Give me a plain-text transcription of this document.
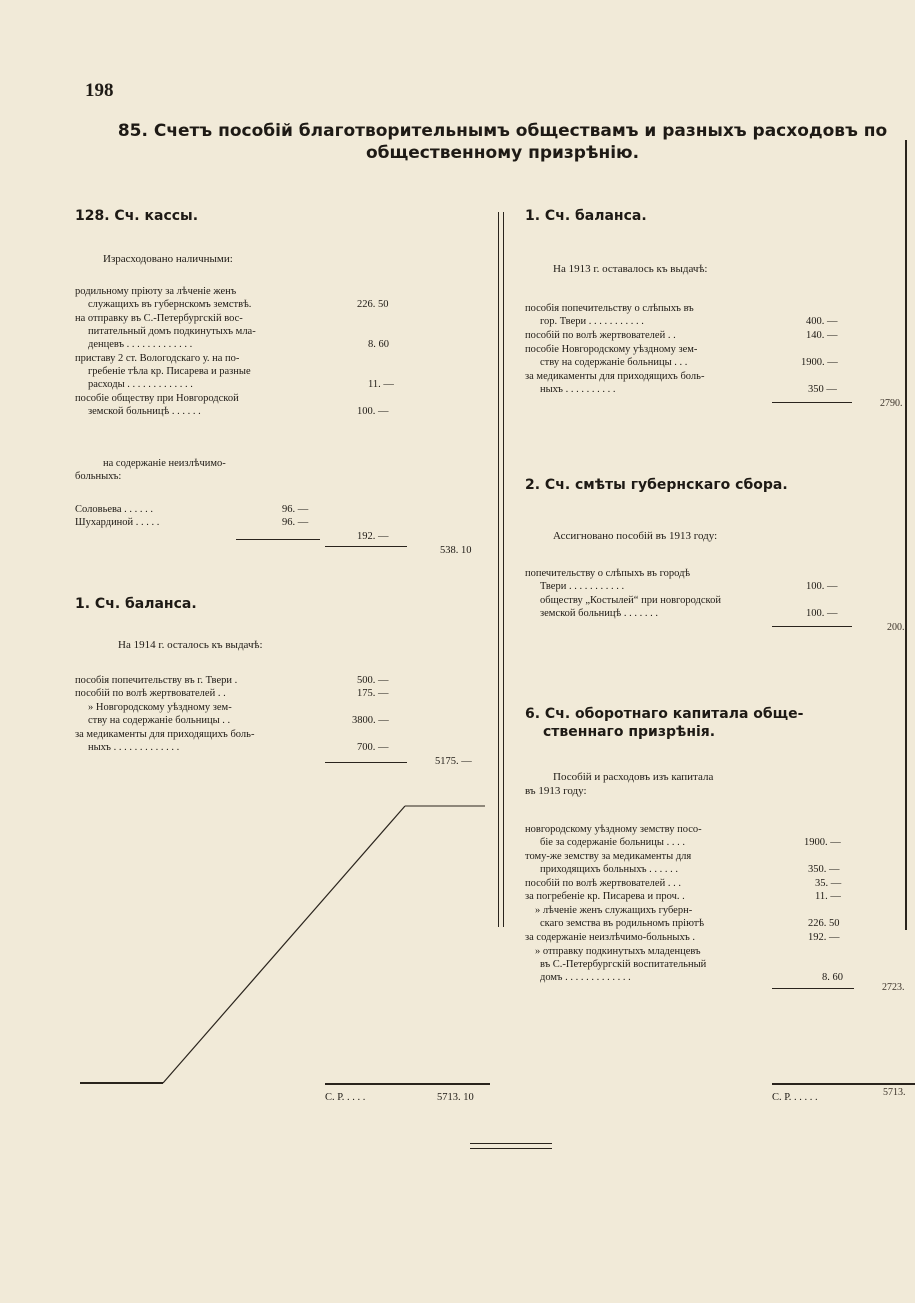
198
85. Счетъ пособій благотворительнымъ обществамъ и разныхъ расходовъ по
общественному призрѣнію.
128. Сч. кассы.
Израсходовано наличными:
родильному пріюту за лѣченіе женъ
служащихъ въ губернскомъ земствѣ.	226. 50
на отправку въ С.-Петербургскій вос-
питательный домъ подкинутыхъ мла-
денцевъ . . . . . . . . . . . . .	8. 60
приставу 2 ст. Вологодскаго у. на по-
гребеніе тѣла кр. Писарева и разные
расходы . . . . . . . . . . . . .	11. —
пособіе обществу при Новгородской
земской больницѣ . . . . . .	100. —
на содержаніе неизлѣчимо-
больныхъ:
Соловьева . . . . . .	96. —
Шухардиной . . . . .	96. —
192. —
538. 10
1. Сч. баланса.
На 1914 г. осталось къ выдачѣ:
пособія попечительству въ г. Твери .	500. —
пособій по волѣ жертвователей . .	175. —
» Новгородскому уѣздному зем-
ству на содержаніе больницы . .	3800. —
за медикаменты для приходящихъ боль-
ныхъ . . . . . . . . . . . . .	700. —
5175. —
С. Р. . . . .	5713. 10
1. Сч. баланса.
На 1913 г. оставалось къ выдачѣ:
пособія попечительству о слѣпыхъ въ
гор. Твери . . . . . . . . . . .	400. —
пособій по волѣ жертвователей . .	140. —
пособіе Новгородскому уѣздному зем-
ству на содержаніе больницы . . .	1900. —
за медикаменты для приходящихъ боль-
ныхъ . . . . . . . . . .	350 —
2790.
2. Сч. смѣты губернскаго сбора.
Ассигновано пособій въ 1913 году:
попечительству о слѣпыхъ въ городѣ
Твери . . . . . . . . . . .	100. —
обществу „Костылей“ при новгородской
земской больницѣ . . . . . . .	100. —
200.
6. Сч. оборотнаго капитала обще-
ственнаго призрѣнія.
Пособій и расходовъ изъ капитала
въ 1913 году:
новгородскому уѣздному земству посо-
біе за содержаніе больницы . . . .	1900. —
тому-же земству за медикаменты для
приходящихъ больныхъ . . . . . .	350. —
пособій по волѣ жертвователей . . .	35. —
за погребеніе кр. Писарева и проч. .	11. —
» лѣченіе женъ служащихъ губерн-
скаго земства въ родильномъ пріютѣ	226. 50
за содержаніе неизлѣчимо-больныхъ .	192. —
» отправку подкинутыхъ младенцевъ
въ С.-Петербургскій воспитательный
домъ . . . . . . . . . . . . .	8. 60
2723.
С. Р. . . . . .	5713.
